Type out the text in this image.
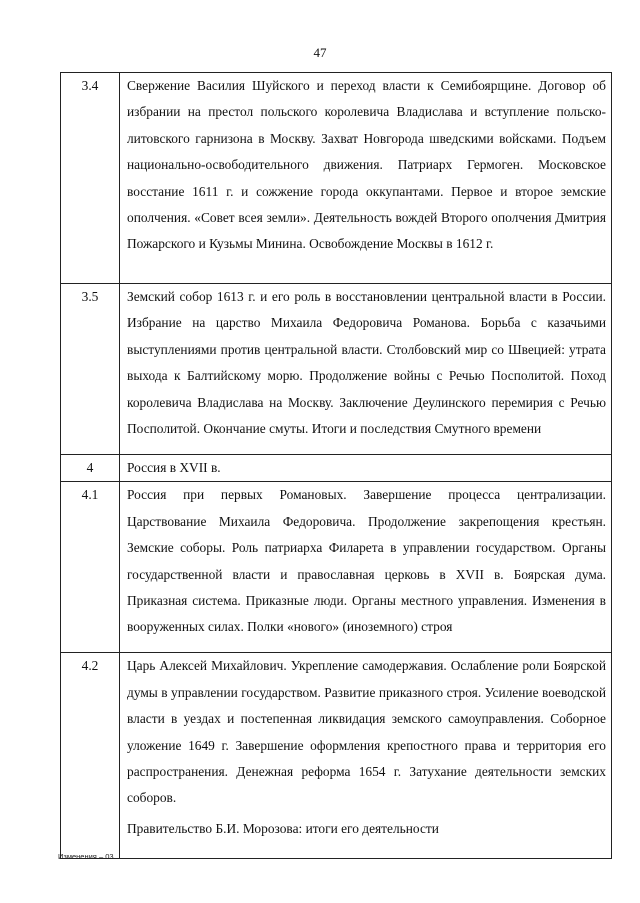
47
3.4	Свержение Василия Шуйского и переход власти к Семибоярщине. Договор об избрании на престол польского королевича Владислава и вступление польско-литовского гарнизона в Москву. Захват Новгорода шведскими войсками. Подъем национально-освободительного движения. Патриарх Гермоген. Московское восстание 1611 г. и сожжение города оккупантами. Первое и второе земские ополчения. «Совет всея земли». Деятельность вождей Второго ополчения Дмитрия Пожарского и Кузьмы Минина. Освобождение Москвы в 1612 г.

3.5	Земский собор 1613 г. и его роль в восстановлении центральной власти в России. Избрание на царство Михаила Федоровича Романова. Борьба с казачьими выступлениями против центральной власти. Столбовский мир со Швецией: утрата выхода к Балтийскому морю. Продолжение войны с Речью Посполитой. Поход королевича Владислава на Москву. Заключение Деулинского перемирия с Речью Посполитой. Окончание смуты. Итоги и последствия Смутного времени

4	Россия в XVII в.

4.1	Россия при первых Романовых. Завершение процесса централизации. Царствование Михаила Федоровича. Продолжение закрепощения крестьян. Земские соборы. Роль патриарха Филарета в управлении государством. Органы государственной власти и православная церковь в XVII в. Боярская дума. Приказная система. Приказные люди. Органы местного управления. Изменения в вооруженных силах. Полки «нового» (иноземного) строя

4.2	Царь Алексей Михайлович. Укрепление самодержавия. Ослабление роли Боярской думы в управлении государством. Развитие приказного строя. Усиление воеводской власти в уездах и постепенная ликвидация земского самоуправления. Соборное уложение 1649 г. Завершение оформления крепостного права и территория его распространения. Денежная реформа 1654 г. Затухание деятельности земских соборов.

Правительство Б.И. Морозова: итоги его деятельности

Изменения – 03
